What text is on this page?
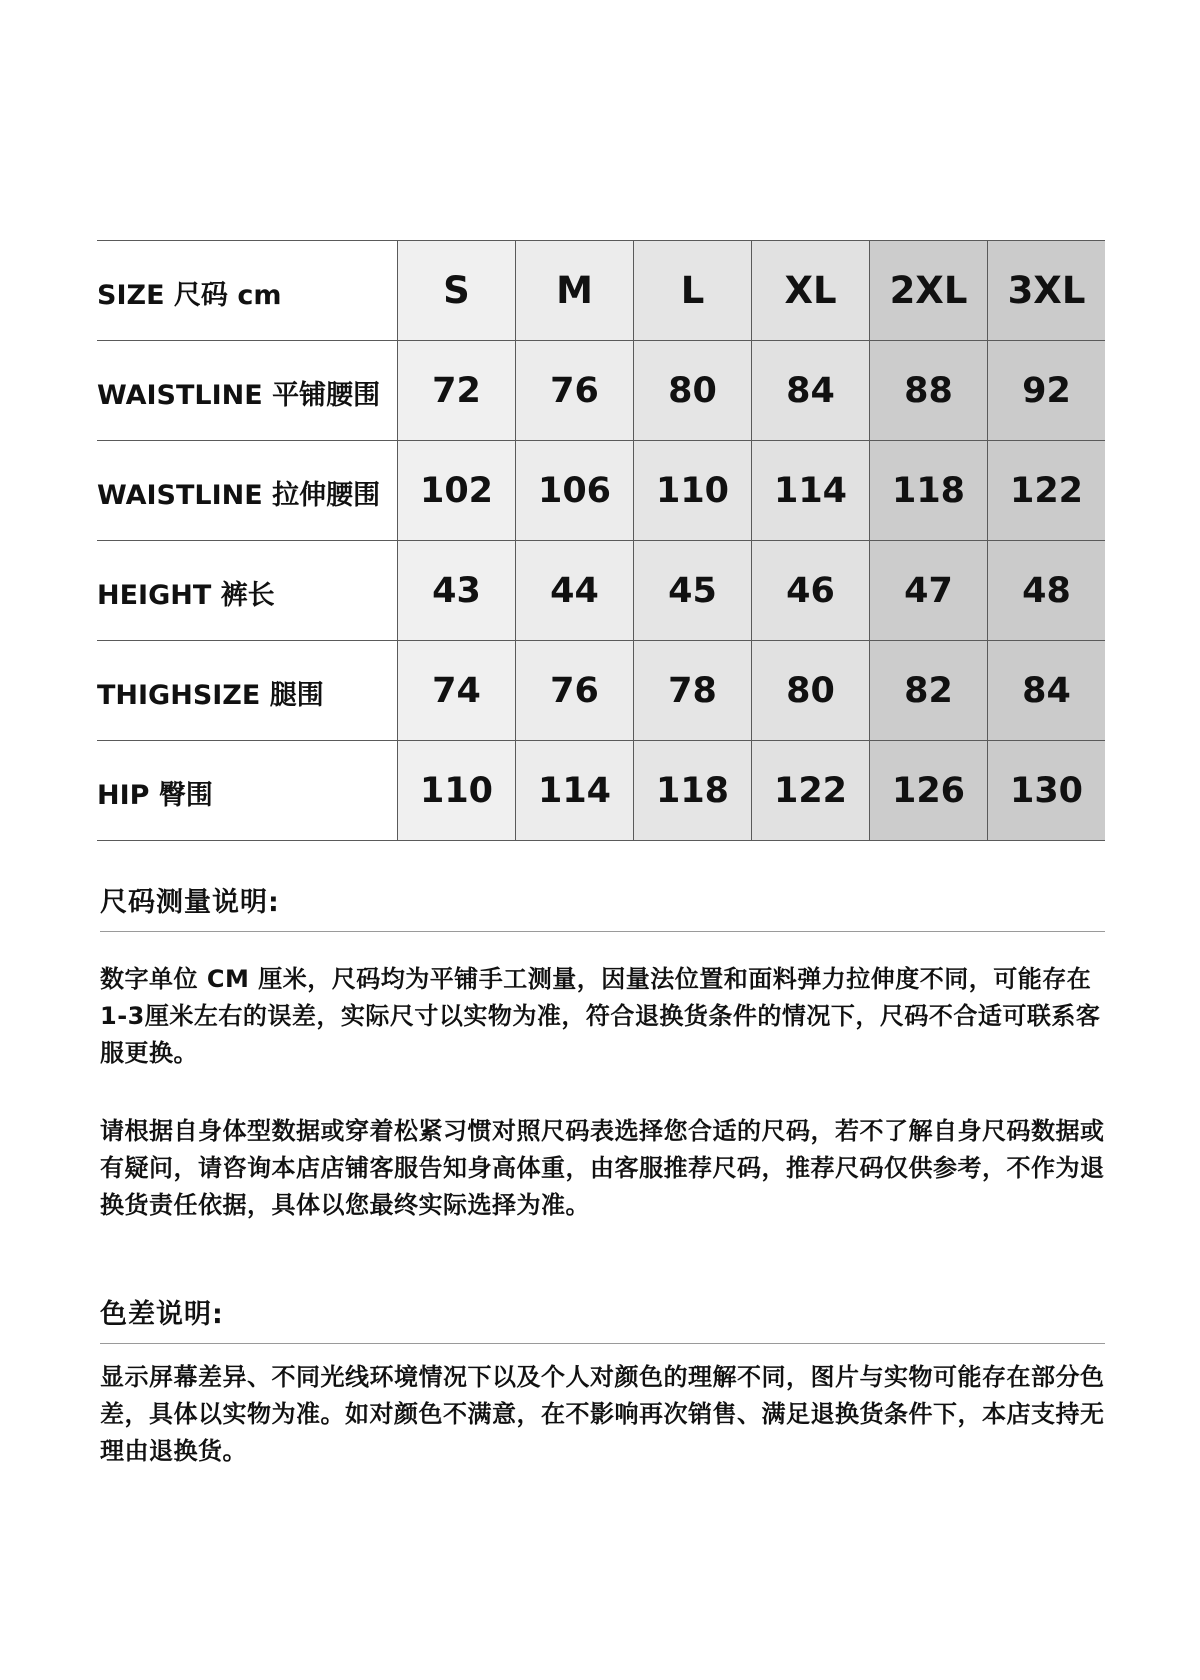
SIZE 尺码 cm	S	M	L	XL	2XL	3XL
WAISTLINE 平铺腰围	72	76	80	84	88	92
WAISTLINE 拉伸腰围	102	106	110	114	118	122
HEIGHT 裤长	43	44	45	46	47	48
THIGHSIZE 腿围	74	76	78	80	82	84
HIP 臀围	110	114	118	122	126	130
尺码测量说明:

数字单位 CM 厘米，尺码均为平铺手工测量，因量法位置和面料弹力拉伸度不同，可能存在1-3厘米左右的误差，实际尺寸以实物为准，符合退换货条件的情况下，尺码不合适可联系客服更换。

请根据自身体型数据或穿着松紧习惯对照尺码表选择您合适的尺码，若不了解自身尺码数据或有疑问，请咨询本店店铺客服告知身高体重，由客服推荐尺码，推荐尺码仅供参考，不作为退换货责任依据，具体以您最终实际选择为准。

色差说明:

显示屏幕差异、不同光线环境情况下以及个人对颜色的理解不同，图片与实物可能存在部分色差，具体以实物为准。如对颜色不满意，在不影响再次销售、满足退换货条件下，本店支持无理由退换货。
